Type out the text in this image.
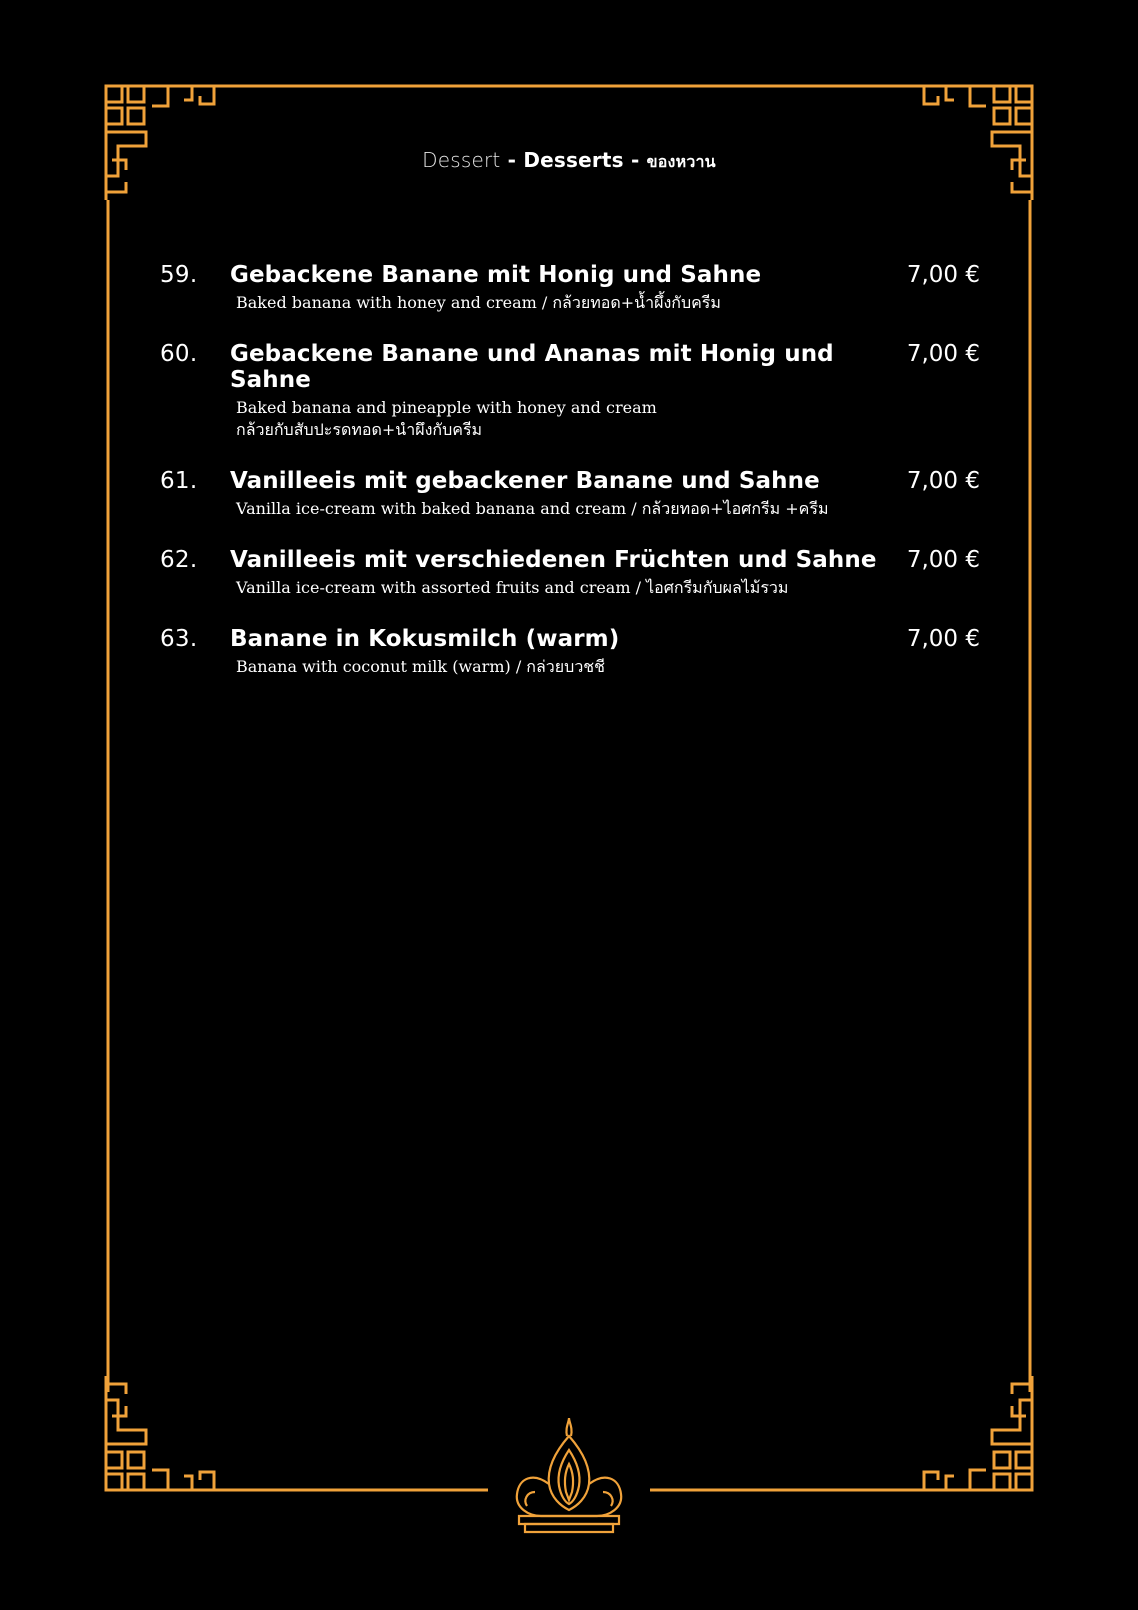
Dessert - Desserts - ของหวาน
59.	Gebackene Banane mit Honig und Sahne	7,00 €
Baked banana with honey and cream / กล้วยทอด+น้ำผึ้งกับครีม
60.	Gebackene Banane und Ananas mit Honig und Sahne
7,00 €
Baked banana and pineapple with honey and cream
กล้วยกับสับปะรดทอด+นำผึงกับครีม
61.	Vanilleeis mit gebackener Banane und Sahne	7,00 €
Vanilla ice-cream with baked banana and cream / กล้วยทอด+ไอศกรีม +ครีม
62.	Vanilleeis mit verschiedenen Früchten und Sahne	7,00 €
Vanilla ice-cream with assorted fruits and cream / ไอศกรีมกับผลไม้รวม
63.	Banane in Kokusmilch (warm)	7,00 €
Banana with coconut milk (warm) / กล่วยบวชชี
